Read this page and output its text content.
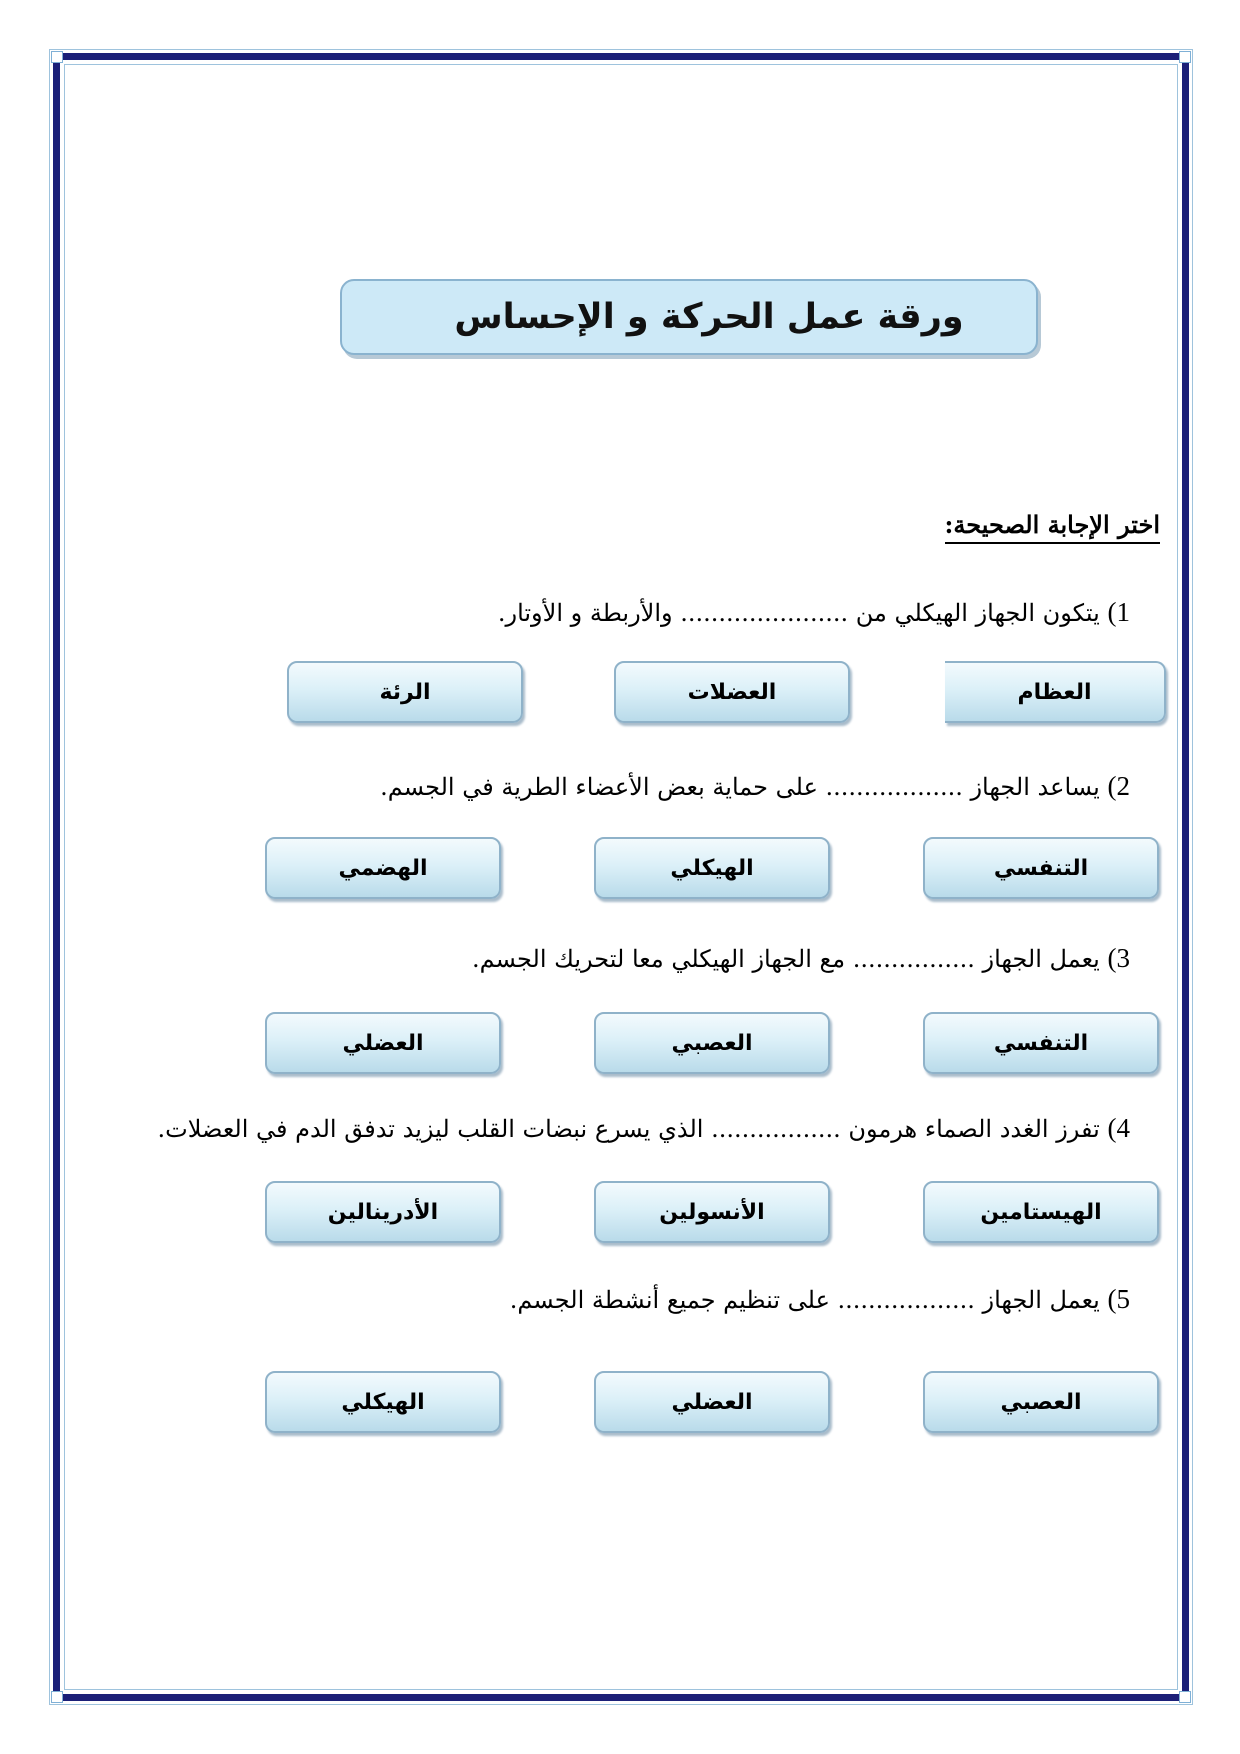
ورقة عمل الحركة و الإحساس
اختر الإجابة الصحيحة:
1) يتكون الجهاز الهيكلي من ...................... والأربطة و الأوتار.
العظام
العضلات
الرئة
2) يساعد الجهاز .................. على حماية بعض الأعضاء الطرية في الجسم.
التنفسي
الهيكلي
الهضمي
3) يعمل الجهاز ................ مع الجهاز الهيكلي معا لتحريك الجسم.
التنفسي
العصبي
العضلي
4) تفرز الغدد الصماء هرمون ................. الذي يسرع نبضات القلب ليزيد تدفق الدم في العضلات.
الهيستامين
الأنسولين
الأدرينالين
5) يعمل الجهاز .................. على تنظيم جميع أنشطة الجسم.
العصبي
العضلي
الهيكلي
